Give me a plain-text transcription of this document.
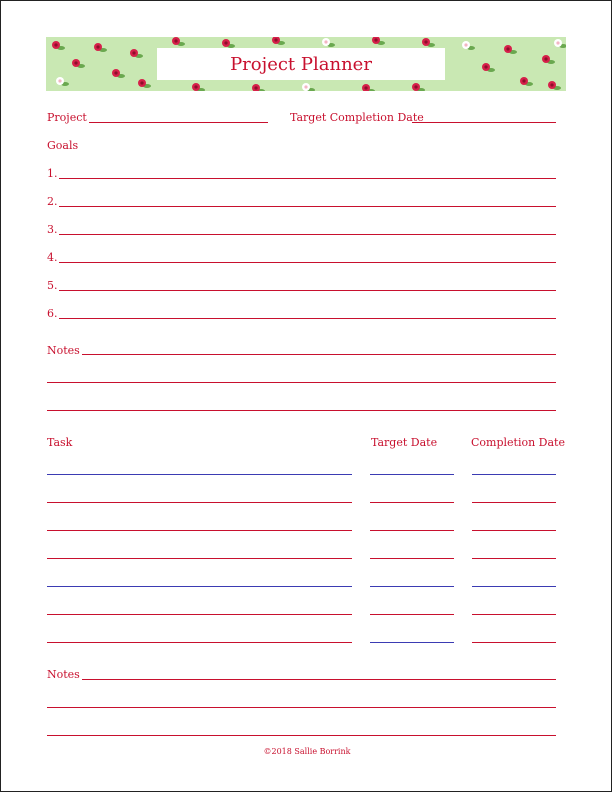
Project Planner
Project	Target Completion Date
Goals
1.
2.
3.
4.
5.
6.
Notes
Task	Target Date	Completion Date
Notes
©2018 Sallie Borrink
